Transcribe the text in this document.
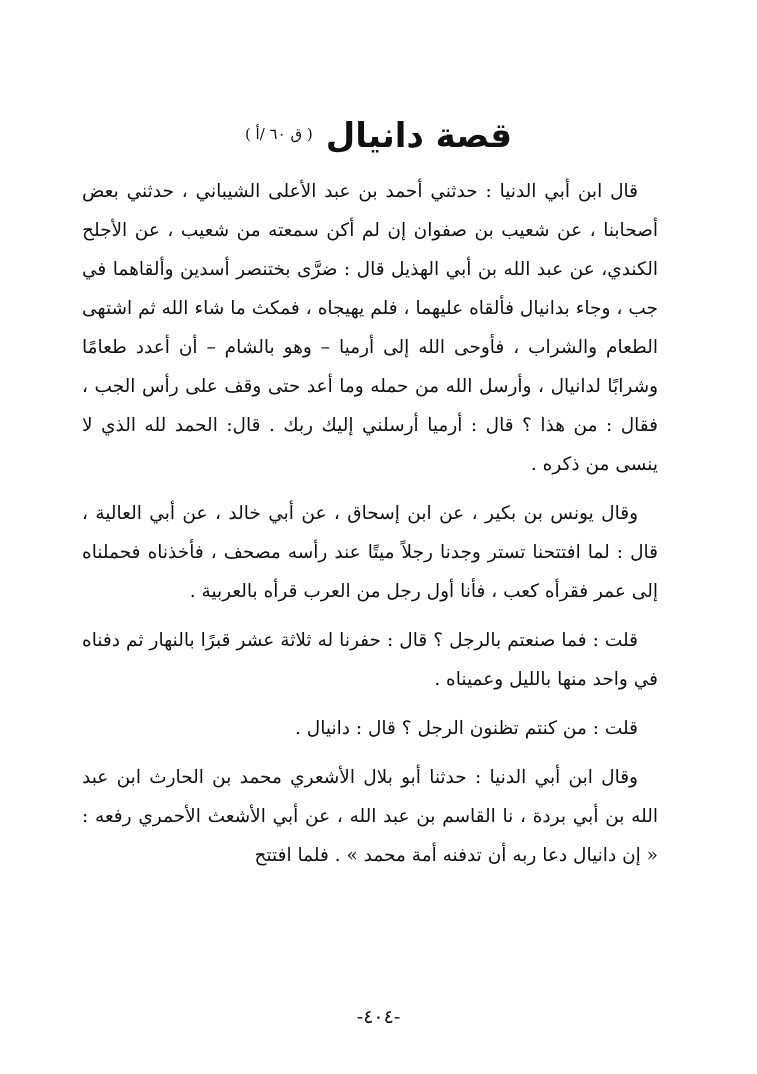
قصة دانيال ( ق ٦٠ /أ )

قال ابن أبي الدنيا : حدثني أحمد بن عبد الأعلى الشيباني ، حدثني بعض أصحابنا ، عن شعيب بن صفوان إن لم أكن سمعته من شعيب ، عن الأجلح الكندي، عن عبد الله بن أبي الهذيل قال : ضرَّى بختنصر أسدين وألقاهما في جب ، وجاء بدانيال فألقاه عليهما ، فلم يهيجاه ، فمكث ما شاء الله ثم اشتهى الطعام والشراب ، فأوحى الله إلى أرميا – وهو بالشام – أن أعدد طعامًا وشرابًا لدانيال ، وأرسل الله من حمله وما أعد حتى وقف على رأس الجب ، فقال : من هذا ؟ قال : أرميا أرسلني إليك ربك . قال: الحمد لله الذي لا ينسى من ذكره .

وقال يونس بن بكير ، عن ابن إسحاق ، عن أبي خالد ، عن أبي العالية ، قال : لما افتتحنا تستر وجدنا رجلاً ميتًا عند رأسه مصحف ، فأخذناه فحملناه إلى عمر فقرأه كعب ، فأنا أول رجل من العرب قرأه بالعربية .

قلت : فما صنعتم بالرجل ؟ قال : حفرنا له ثلاثة عشر قبرًا بالنهار ثم دفناه في واحد منها بالليل وعميناه .

قلت : من كنتم تظنون الرجل ؟ قال : دانيال .

وقال ابن أبي الدنيا : حدثنا أبو بلال الأشعري محمد بن الحارث ابن عبد الله بن أبي بردة ، نا القاسم بن عبد الله ، عن أبي الأشعث الأحمري رفعه : « إن دانيال دعا ربه أن تدفنه أمة محمد » . فلما افتتح

-٤٠٤-
